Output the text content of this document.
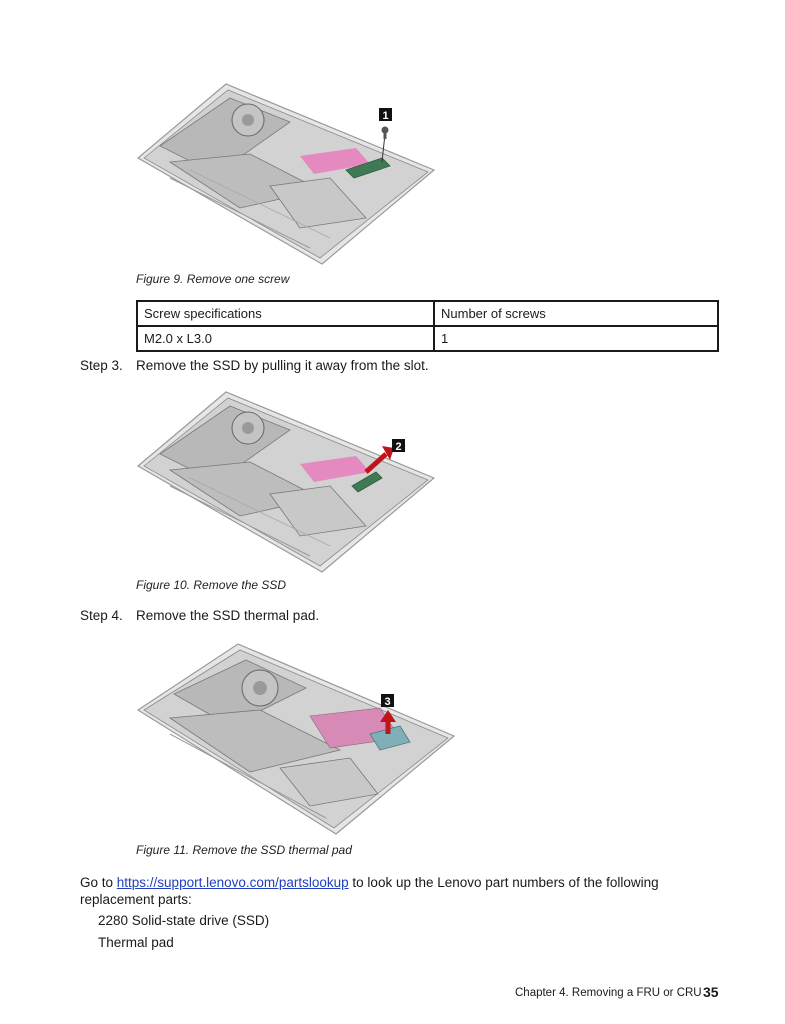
1
Figure 9. Remove one screw
Screw specifications	Number of screws
M2.0 x L3.0	1
Step 3. Remove the SSD by pulling it away from the slot.
2
Figure 10. Remove the SSD
Step 4. Remove the SSD thermal pad.
3
Figure 11. Remove the SSD thermal pad
Go to https://support.lenovo.com/partslookup to look up the Lenovo part numbers of the following replacement parts:
2280 Solid-state drive (SSD)
Thermal pad
Chapter 4. Removing a FRU or CRU 35
